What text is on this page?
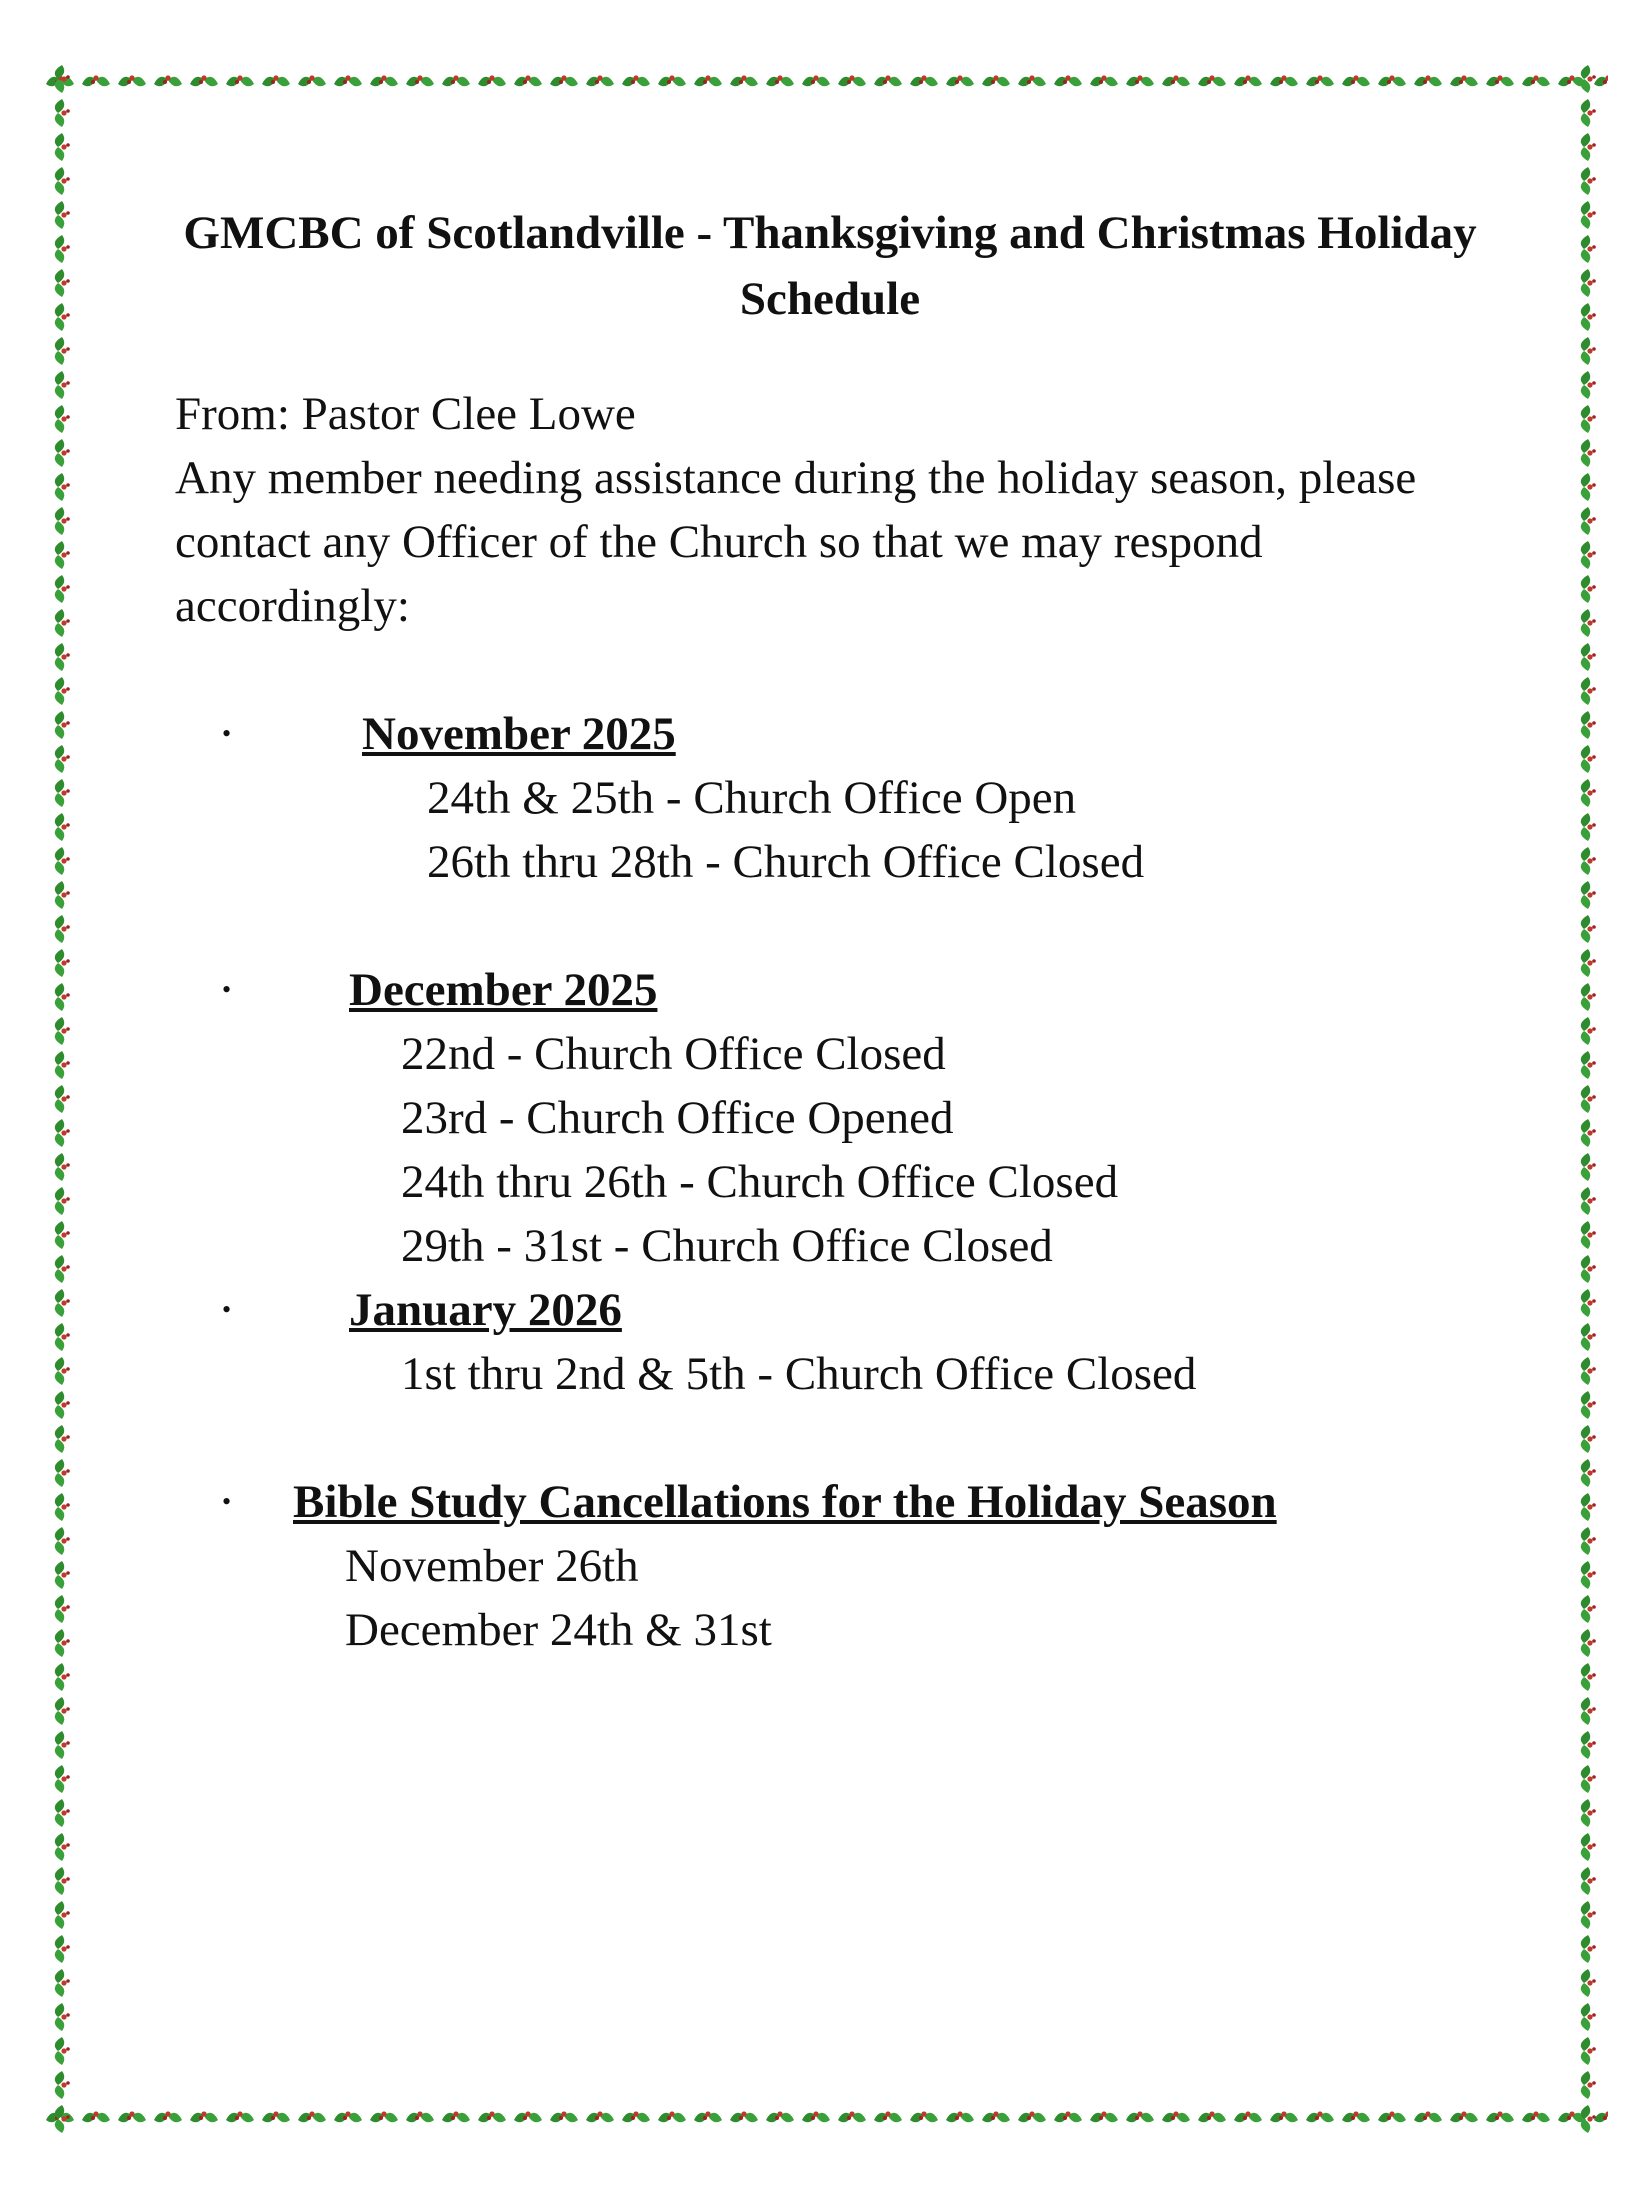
GMCBC of Scotlandville - Thanksgiving and Christmas Holiday Schedule

From: Pastor Clee Lowe

Any member needing assistance during the holiday season, please contact any Officer of the Church so that we may respond accordingly:

•	November 2025
24th & 25th - Church Office Open
26th thru 28th - Church Office Closed
•	December 2025
22nd - Church Office Closed
23rd - Church Office Opened
24th thru 26th - Church Office Closed
29th - 31st - Church Office Closed
•	January 2026
1st thru 2nd & 5th - Church Office Closed
•	Bible Study Cancellations for the Holiday Season
November 26th
December 24th & 31st
